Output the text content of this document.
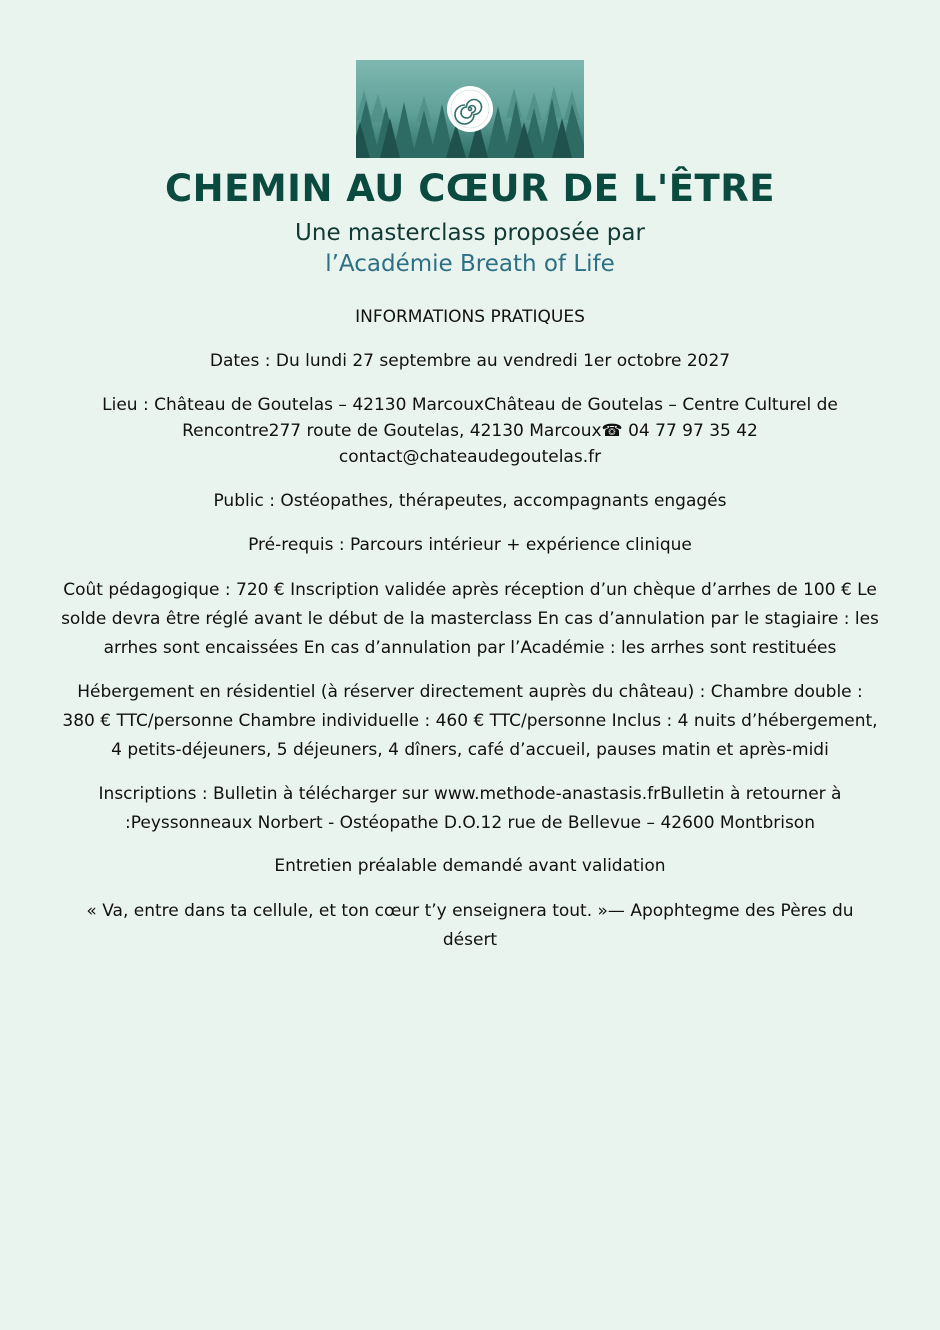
CHEMIN AU CŒUR DE L'ÊTRE
Une masterclass proposée par
l’Académie Breath of Life

INFORMATIONS PRATIQUES

Dates : Du lundi 27 septembre au vendredi 1er octobre 2027

Lieu : Château de Goutelas – 42130 MarcouxChâteau de Goutelas – Centre Culturel de Rencontre277 route de Goutelas, 42130 Marcoux☎ 04 77 97 35 42 contact@chateaudegoutelas.fr

Public : Ostéopathes, thérapeutes, accompagnants engagés

Pré-requis : Parcours intérieur + expérience clinique

Coût pédagogique : 720 € Inscription validée après réception d’un chèque d’arrhes de 100 € Le solde devra être réglé avant le début de la masterclass En cas d’annulation par le stagiaire : les arrhes sont encaissées En cas d’annulation par l’Académie : les arrhes sont restituées

Hébergement en résidentiel (à réserver directement auprès du château) : Chambre double : 380 € TTC/personne Chambre individuelle : 460 € TTC/personne Inclus : 4 nuits d’hébergement, 4 petits-déjeuners, 5 déjeuners, 4 dîners, café d’accueil, pauses matin et après-midi

Inscriptions : Bulletin à télécharger sur www.methode-anastasis.frBulletin à retourner à :Peyssonneaux Norbert - Ostéopathe D.O.12 rue de Bellevue – 42600 Montbrison

Entretien préalable demandé avant validation

« Va, entre dans ta cellule, et ton cœur t’y enseignera tout. »— Apophtegme des Pères du désert
